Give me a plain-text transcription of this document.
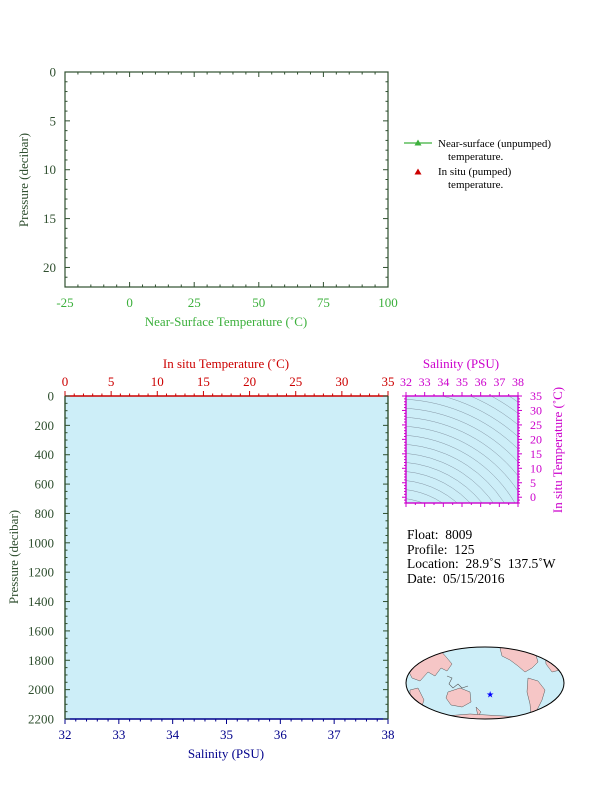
-25	0	25	50	75	100
0
5
10
15
20
Near-Surface Temperature (˚C)
Pressure (decibar)
0	5	10	15	20	25	30	35
32	33	34	35	36	37	38
0
200
400
600
800
1000
1200
1400
1600
1800
2000
2200
In situ Temperature (˚C)
Salinity (PSU)
Pressure (decibar)
32 33 34 35 36 37 38
0
5
10
15
20
25
30
35
Salinity (PSU)
In situ Temperature (˚C)
★
Near-surface (unpumped)
temperature.
In situ (pumped)
temperature.
Float:  8009
Profile:  125
Location:  28.9˚S  137.5˚W
Date:  05/15/2016
